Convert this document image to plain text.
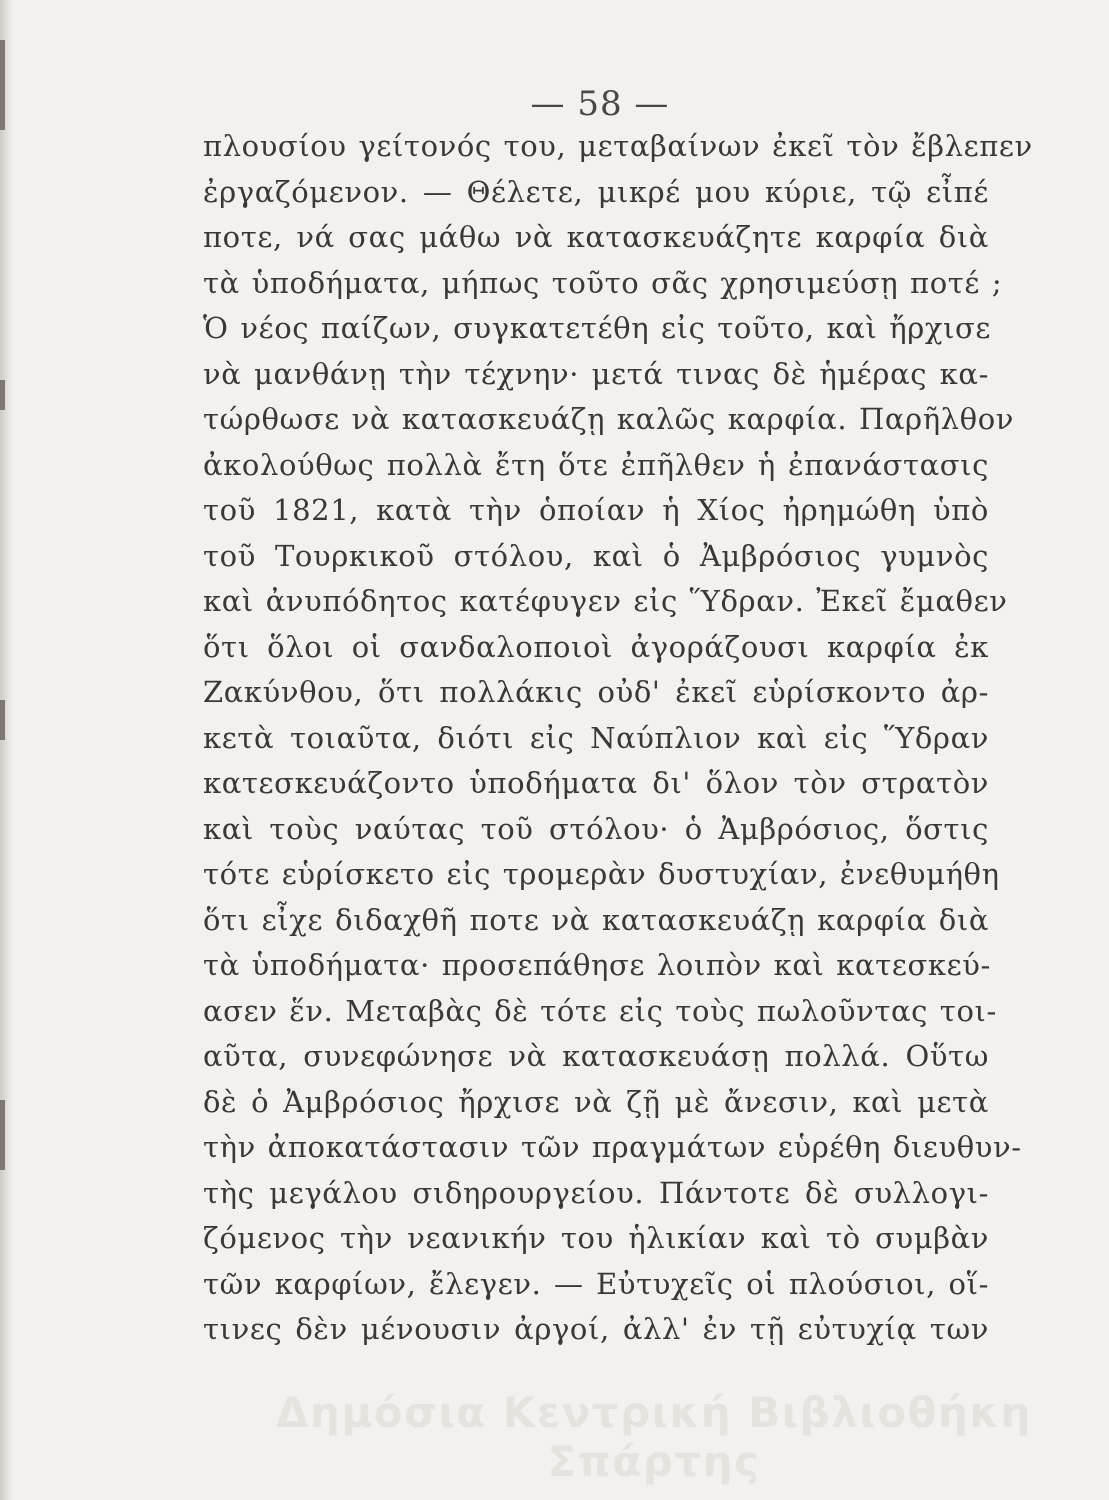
— 58 —
πλουσίου γείτονός του, μεταβαίνων ἐκεῖ τὸν ἔβλεπεν
ἐργαζόμενον. — Θέλετε, μικρέ μου κύριε, τῷ εἶπέ
ποτε, νά σας μάθω νὰ κατασκευάζητε καρφία διὰ
τὰ ὑποδήματα, μήπως τοῦτο σᾶς χρησιμεύσῃ ποτέ ;
Ὁ νέος παίζων, συγκατετέθη εἰς τοῦτο, καὶ ἤρχισε
νὰ μανθάνῃ τὴν τέχνην· μετά τινας δὲ ἡμέρας κα-
τώρθωσε νὰ κατασκευάζῃ καλῶς καρφία. Παρῆλθον
ἀκολούθως πολλὰ ἔτη ὅτε ἐπῆλθεν ἡ ἐπανάστασις
τοῦ 1821, κατὰ τὴν ὁποίαν ἡ Χίος ἠρημώθη ὑπὸ
τοῦ Τουρκικοῦ στόλου, καὶ ὁ Ἀμβρόσιος γυμνὸς
καὶ ἀνυπόδητος κατέφυγεν εἰς Ὕδραν. Ἐκεῖ ἔμαθεν
ὅτι ὅλοι οἱ σανδαλοποιοὶ ἀγοράζουσι καρφία ἐκ
Ζακύνθου, ὅτι πολλάκις οὐδ' ἐκεῖ εὑρίσκοντο ἀρ-
κετὰ τοιαῦτα, διότι εἰς Ναύπλιον καὶ εἰς Ὕδραν
κατεσκευάζοντο ὑποδήματα δι' ὅλον τὸν στρατὸν
καὶ τοὺς ναύτας τοῦ στόλου· ὁ Ἀμβρόσιος, ὅστις
τότε εὑρίσκετο εἰς τρομερὰν δυστυχίαν, ἐνεθυμήθη
ὅτι εἶχε διδαχθῆ ποτε νὰ κατασκευάζῃ καρφία διὰ
τὰ ὑποδήματα· προσεπάθησε λοιπὸν καὶ κατεσκεύ-
ασεν ἕν. Μεταβὰς δὲ τότε εἰς τοὺς πωλοῦντας τοι-
αῦτα, συνεφώνησε νὰ κατασκευάσῃ πολλά. Οὕτω
δὲ ὁ Ἀμβρόσιος ἤρχισε νὰ ζῇ μὲ ἄνεσιν, καὶ μετὰ
τὴν ἀποκατάστασιν τῶν πραγμάτων εὑρέθη διευθυν-
τὴς μεγάλου σιδηρουργείου. Πάντοτε δὲ συλλογι-
ζόμενος τὴν νεανικήν του ἡλικίαν καὶ τὸ συμβὰν
τῶν καρφίων, ἔλεγεν. — Εὐτυχεῖς οἱ πλούσιοι, οἵ-
τινες δὲν μένουσιν ἀργοί, ἀλλ' ἐν τῇ εὐτυχίᾳ των
Δημόσια Κεντρική Βιβλιοθήκη Σπάρτης
